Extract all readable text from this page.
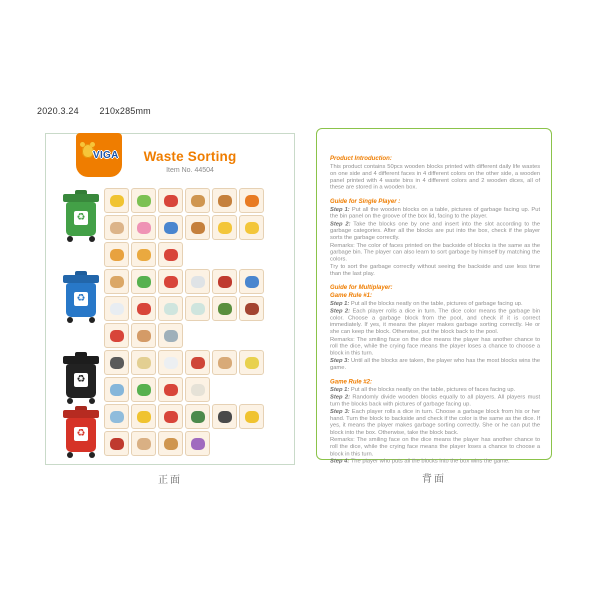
2020.3.24 210x285mm
VIGA	Waste Sorting
Item No. 44504
♻
♻
♻
♻
Product Introduction:
This product contains 50pcs wooden blocks printed with different daily life wastes on one side and 4 different faces in 4 different colors on the other side, a wooden panel printed with 4 waste bins in 4 different colors and 2 wooden dices, all of these are stored in a wooden box.
Guide for Single Player :
Step 1: Put all the wooden blocks on a table, pictures of garbage facing up. Put the bin panel on the groove of the box lid, facing to the player.
Step 2: Take the blocks one by one and insert into the slot according to the garbage categories. After all the blocks are put into the box, check if the player sorts the garbage correctly.
Remarks: The color of faces printed on the backside of blocks is the same as the garbage bin. The player can also learn to sort garbage by himself by matching the colors.
Try to sort the garbage correctly without seeing the backside and use less time than the last play.
Guide for Multiplayer:
Game Rule #1:
Step 1: Put all the blocks neatly on the table, pictures of garbage facing up.
Step 2: Each player rolls a dice in turn. The dice color means the garbage bin color. Choose a garbage block from the pool, and check if it is correct immediately. If yes, it means the player makes garbage sorting correctly. He or she can keep the block. Otherwise, put the block back to the pool.
Remarks: The smiling face on the dice means the player has another chance to roll the dice, while the crying face means the player loses a chance to choose a block in this turn.
Step 3: Until all the blocks are taken, the player who has the most blocks wins the game.
Game Rule #2:
Step 1: Put all the blocks neatly on the table, pictures of faces facing up.
Step 2: Randomly divide wooden blocks equally to all players. All players must turn the blocks back with pictures of garbage facing up.
Step 3: Each player rolls a dice in turn. Choose a garbage block from his or her hand. Turn the block to backside and check if the color is the same as the dice. If yes, it means the player makes garbage sorting correctly. She or he can put the block into the box. Otherwise, take the block back.
Remarks: The smiling face on the dice means the player has another chance to roll the dice, while the crying face means the player loses a chance to choose a block in this turn.
Step 4: The player who puts all the blocks into the box wins the game.
正面	背面
